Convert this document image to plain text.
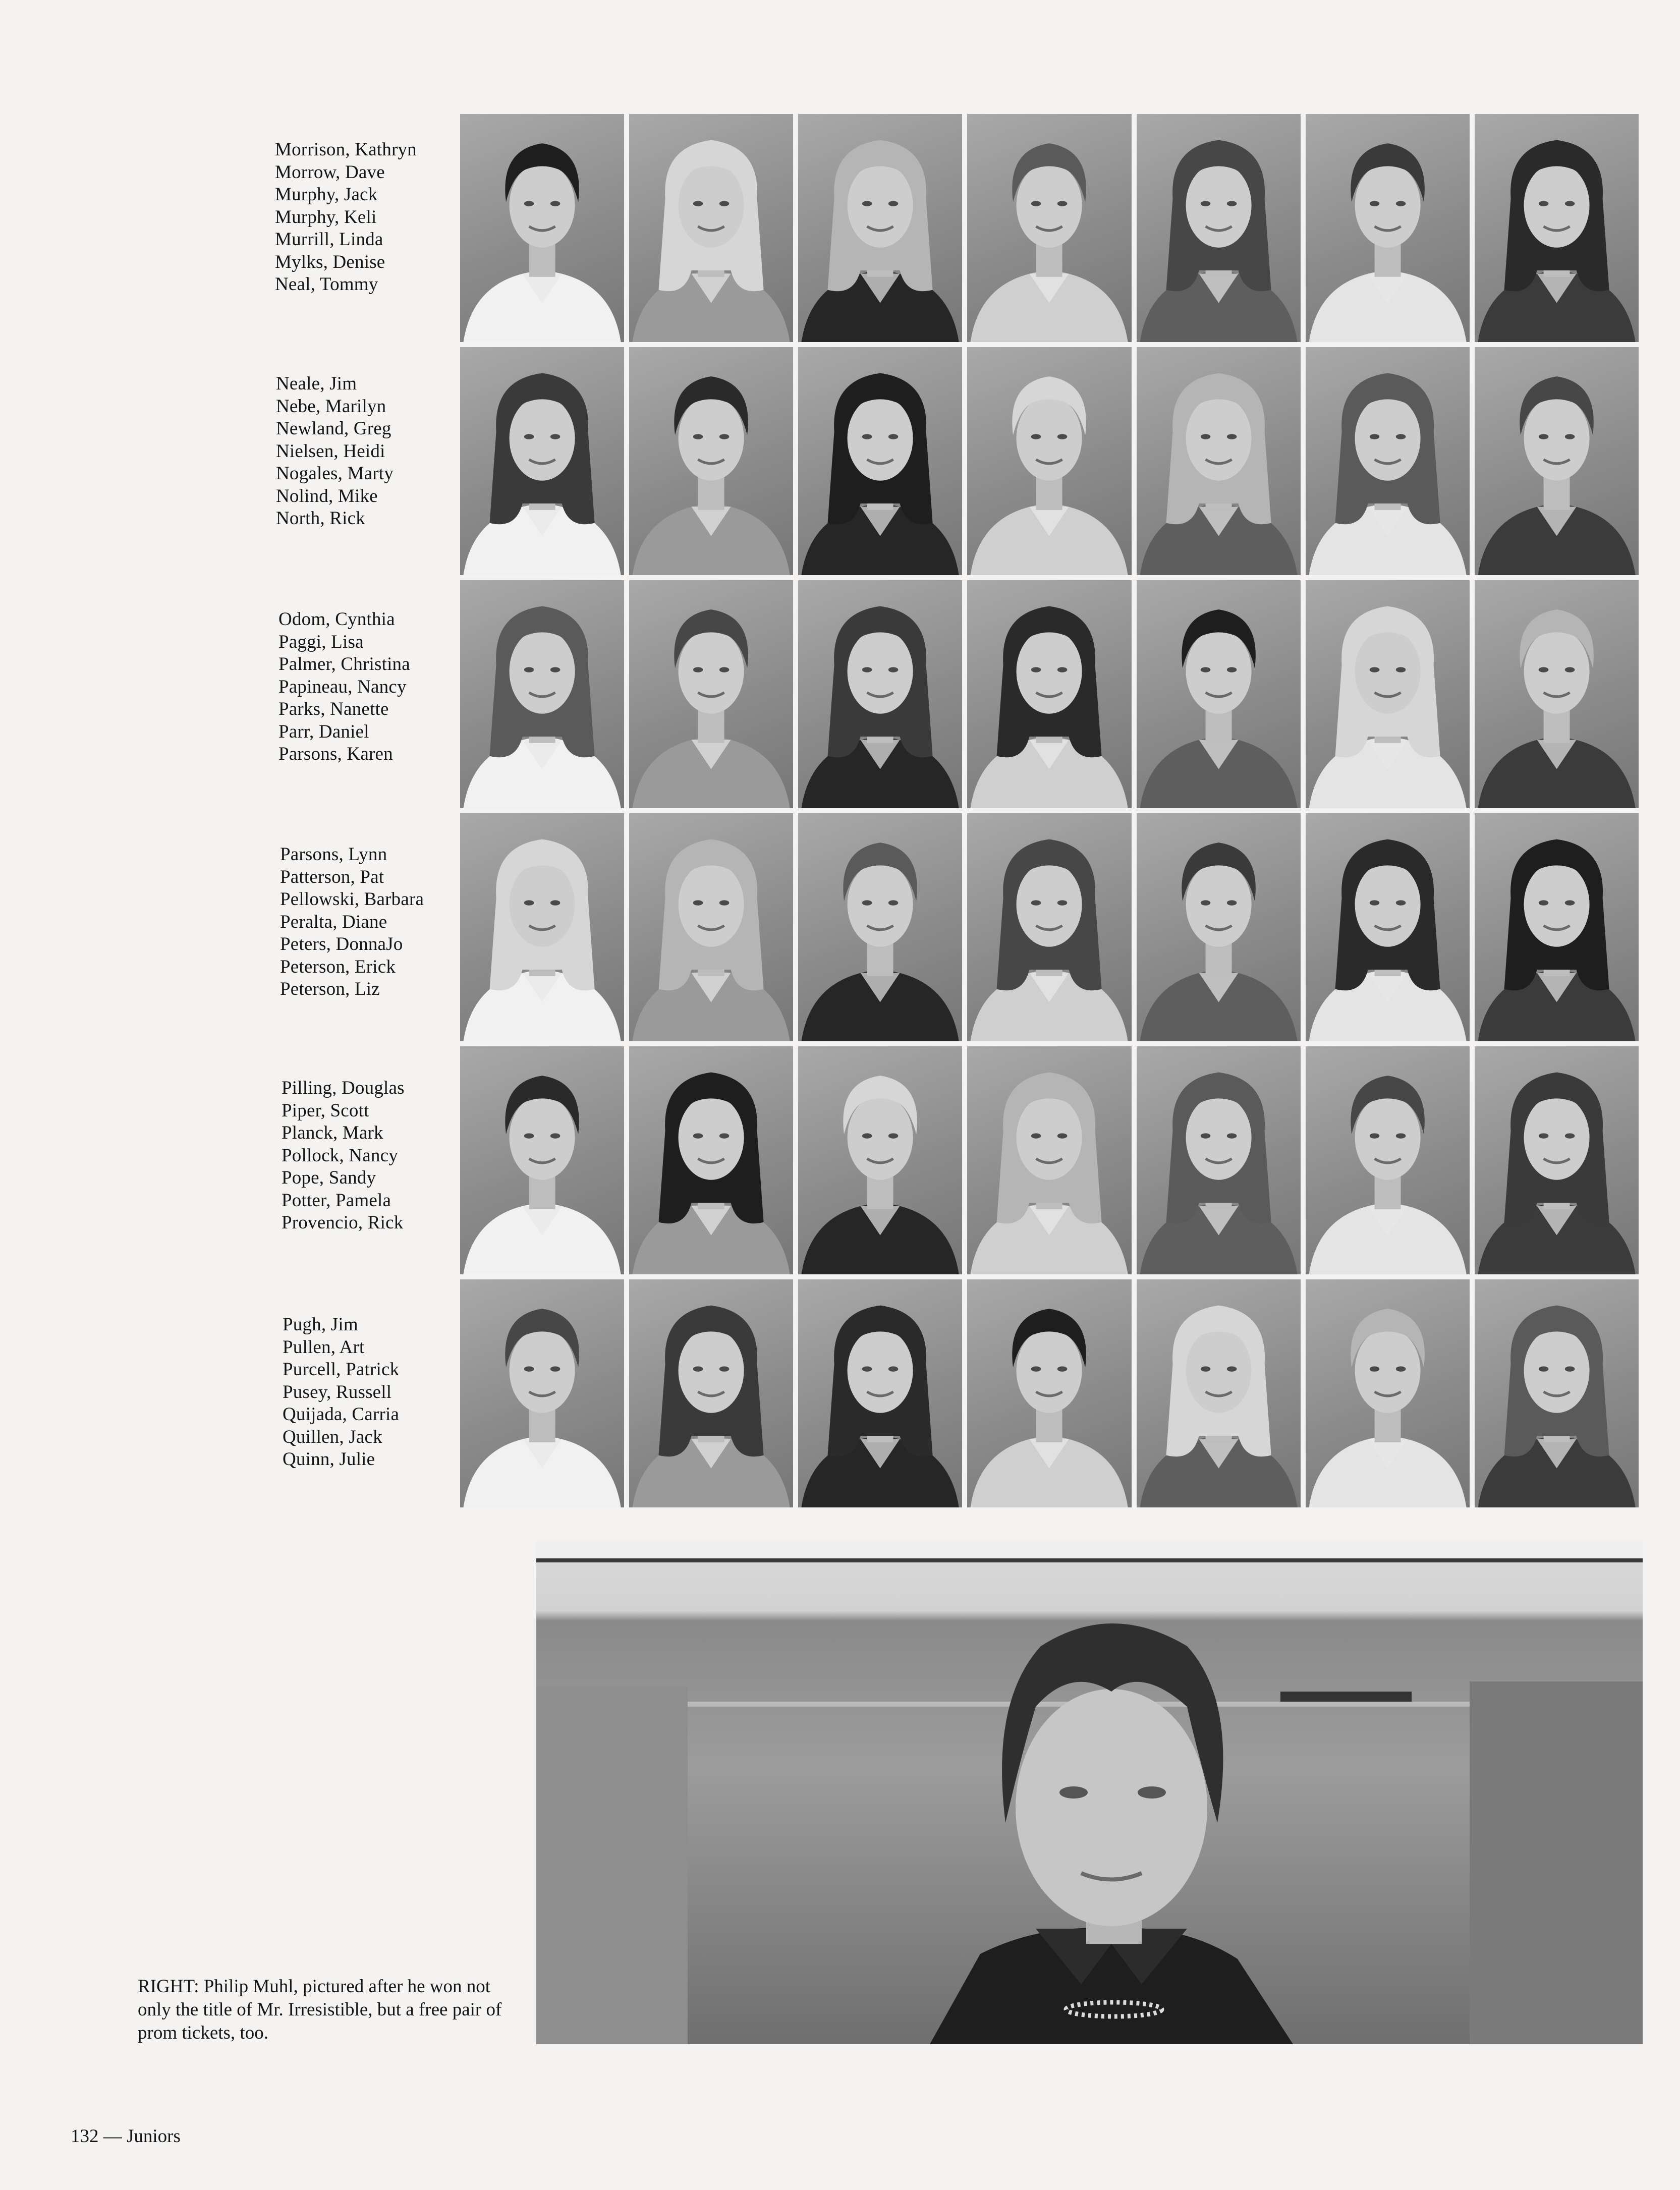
Morrison, Kathryn
Morrow, Dave
Murphy, Jack
Murphy, Keli
Murrill, Linda
Mylks, Denise
Neal, Tommy
Neale, Jim
Nebe, Marilyn
Newland, Greg
Nielsen, Heidi
Nogales, Marty
Nolind, Mike
North, Rick
Odom, Cynthia
Paggi, Lisa
Palmer, Christina
Papineau, Nancy
Parks, Nanette
Parr, Daniel
Parsons, Karen
Parsons, Lynn
Patterson, Pat
Pellowski, Barbara
Peralta, Diane
Peters, DonnaJo
Peterson, Erick
Peterson, Liz
Pilling, Douglas
Piper, Scott
Planck, Mark
Pollock, Nancy
Pope, Sandy
Potter, Pamela
Provencio, Rick
Pugh, Jim
Pullen, Art
Purcell, Patrick
Pusey, Russell
Quijada, Carria
Quillen, Jack
Quinn, Julie
RIGHT: Philip Muhl, pictured after he won not only the title of Mr. Irresistible, but a free pair of prom tickets, too.
132 — Juniors
